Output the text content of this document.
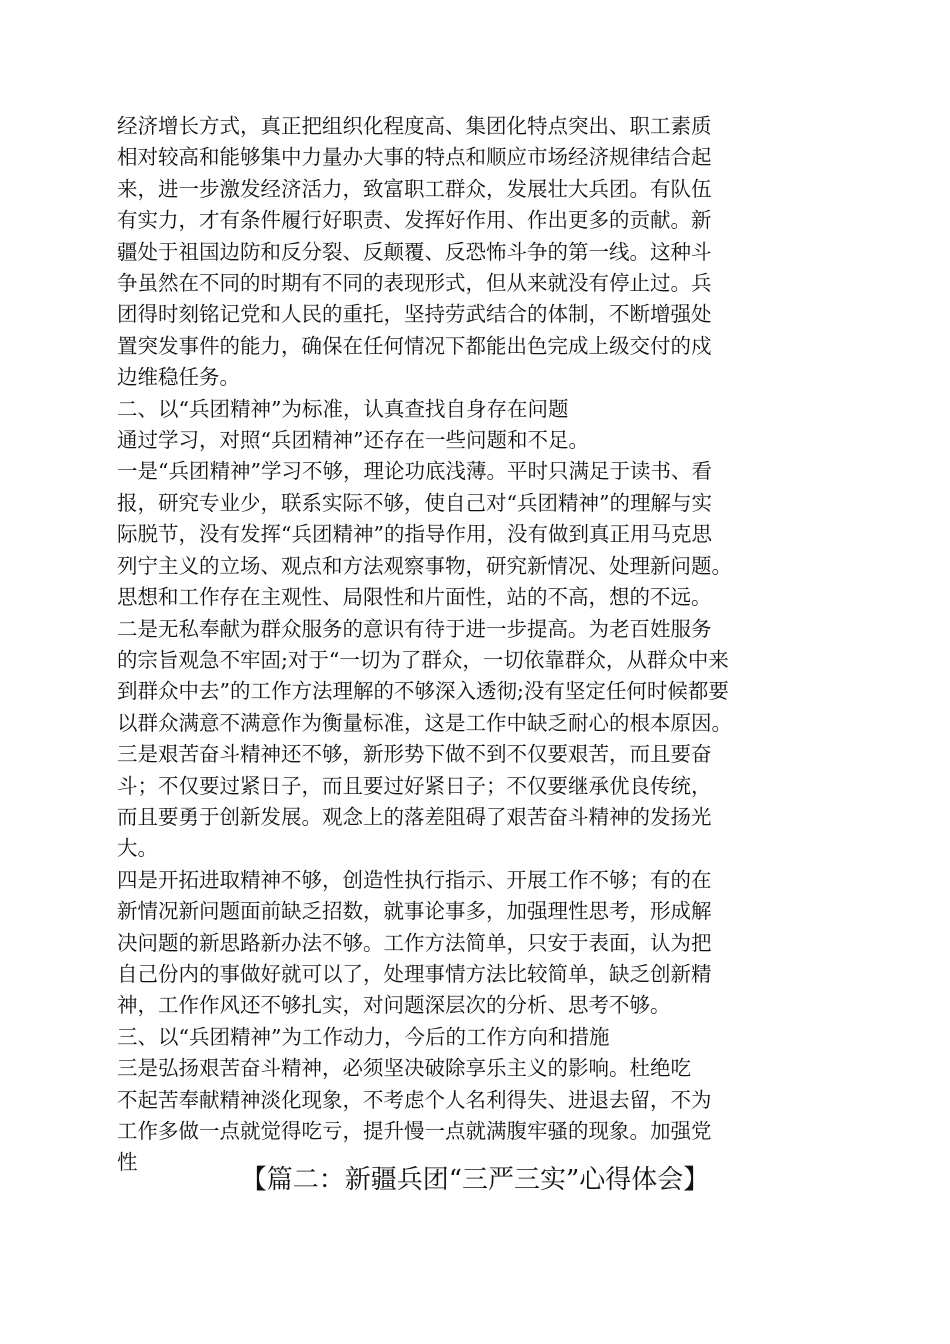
经济增长方式，真正把组织化程度高、集团化特点突出、职工素质
相对较高和能够集中力量办大事的特点和顺应市场经济规律结合起
来，进一步激发经济活力，致富职工群众，发展壮大兵团。有队伍
有实力，才有条件履行好职责、发挥好作用、作出更多的贡献。新
疆处于祖国边防和反分裂、反颠覆、反恐怖斗争的第一线。这种斗
争虽然在不同的时期有不同的表现形式，但从来就没有停止过。兵
团得时刻铭记党和人民的重托，坚持劳武结合的体制，不断增强处
置突发事件的能力，确保在任何情况下都能出色完成上级交付的戍
边维稳任务。
二、以“兵团精神”为标准，认真查找自身存在问题
通过学习，对照“兵团精神”还存在一些问题和不足。
一是“兵团精神”学习不够，理论功底浅薄。平时只满足于读书、看
报，研究专业少，联系实际不够，使自己对“兵团精神”的理解与实
际脱节，没有发挥“兵团精神”的指导作用，没有做到真正用马克思
列宁主义的立场、观点和方法观察事物，研究新情况、处理新问题。
思想和工作存在主观性、局限性和片面性，站的不高，想的不远。
二是无私奉献为群众服务的意识有待于进一步提高。为老百姓服务
的宗旨观急不牢固;对于“一切为了群众，一切依靠群众，从群众中来
到群众中去”的工作方法理解的不够深入透彻;没有坚定任何时候都要
以群众满意不满意作为衡量标准，这是工作中缺乏耐心的根本原因。
三是艰苦奋斗精神还不够，新形势下做不到不仅要艰苦，而且要奋
斗；不仅要过紧日子，而且要过好紧日子；不仅要继承优良传统，
而且要勇于创新发展。观念上的落差阻碍了艰苦奋斗精神的发扬光
大。
四是开拓进取精神不够，创造性执行指示、开展工作不够；有的在
新情况新问题面前缺乏招数，就事论事多，加强理性思考，形成解
决问题的新思路新办法不够。工作方法简单，只安于表面，认为把
自己份内的事做好就可以了，处理事情方法比较简单，缺乏创新精
神，工作作风还不够扎实，对问题深层次的分析、思考不够。
三、以“兵团精神”为工作动力，今后的工作方向和措施
三是弘扬艰苦奋斗精神，必须坚决破除享乐主义的影响。杜绝吃
不起苦奉献精神淡化现象，不考虑个人名利得失、进退去留，不为
工作多做一点就觉得吃亏，提升慢一点就满腹牢骚的现象。加强党
性
【篇二：新疆兵团“三严三实”心得体会】
